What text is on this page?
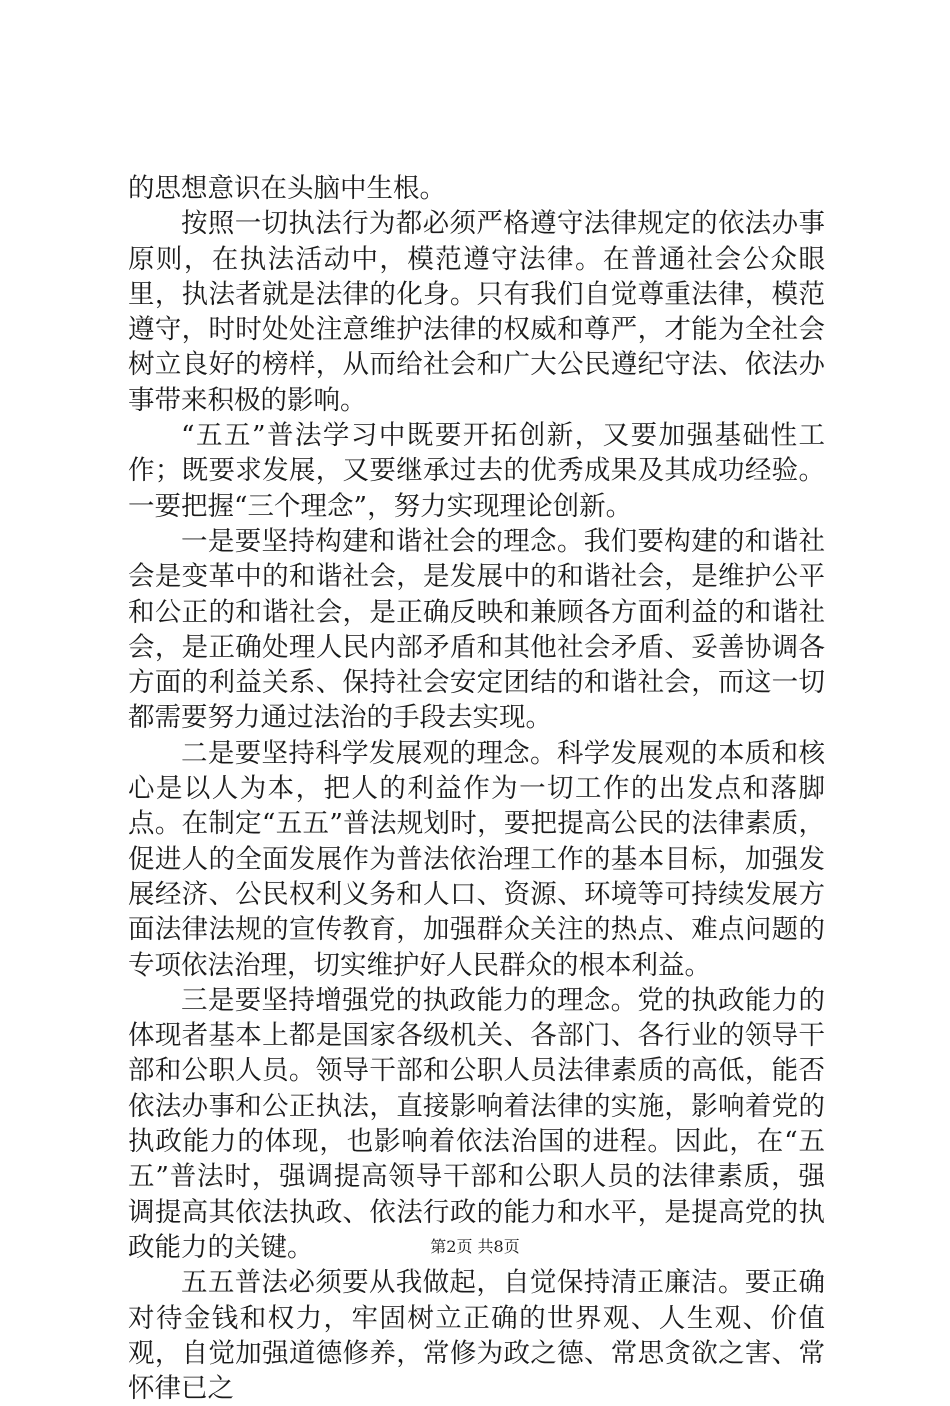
的思想意识在头脑中生根。

按照一切执法行为都必须严格遵守法律规定的依法办事原则，在执法活动中，模范遵守法律。在普通社会公众眼里，执法者就是法律的化身。只有我们自觉尊重法律，模范遵守，时时处处注意维护法律的权威和尊严，才能为全社会树立良好的榜样，从而给社会和广大公民遵纪守法、依法办事带来积极的影响。

“五五”普法学习中既要开拓创新，又要加强基础性工作；既要求发展，又要继承过去的优秀成果及其成功经验。一要把握“三个理念”，努力实现理论创新。

一是要坚持构建和谐社会的理念。我们要构建的和谐社会是变革中的和谐社会，是发展中的和谐社会，是维护公平和公正的和谐社会，是正确反映和兼顾各方面利益的和谐社会，是正确处理人民内部矛盾和其他社会矛盾、妥善协调各方面的利益关系、保持社会安定团结的和谐社会，而这一切都需要努力通过法治的手段去实现。

二是要坚持科学发展观的理念。科学发展观的本质和核心是以人为本，把人的利益作为一切工作的出发点和落脚点。在制定“五五”普法规划时，要把提高公民的法律素质，促进人的全面发展作为普法依治理工作的基本目标，加强发展经济、公民权利义务和人口、资源、环境等可持续发展方面法律法规的宣传教育，加强群众关注的热点、难点问题的专项依法治理，切实维护好人民群众的根本利益。

三是要坚持增强党的执政能力的理念。党的执政能力的体现者基本上都是国家各级机关、各部门、各行业的领导干部和公职人员。领导干部和公职人员法律素质的高低，能否依法办事和公正执法，直接影响着法律的实施，影响着党的执政能力的体现，也影响着依法治国的进程。因此，在“五五”普法时，强调提高领导干部和公职人员的法律素质，强调提高其依法执政、依法行政的能力和水平，是提高党的执政能力的关键。

五五普法必须要从我做起，自觉保持清正廉洁。要正确对待金钱和权力，牢固树立正确的世界观、人生观、价值观，自觉加强道德修养，常修为政之德、常思贪欲之害、常怀律已之

第2页 共8页
